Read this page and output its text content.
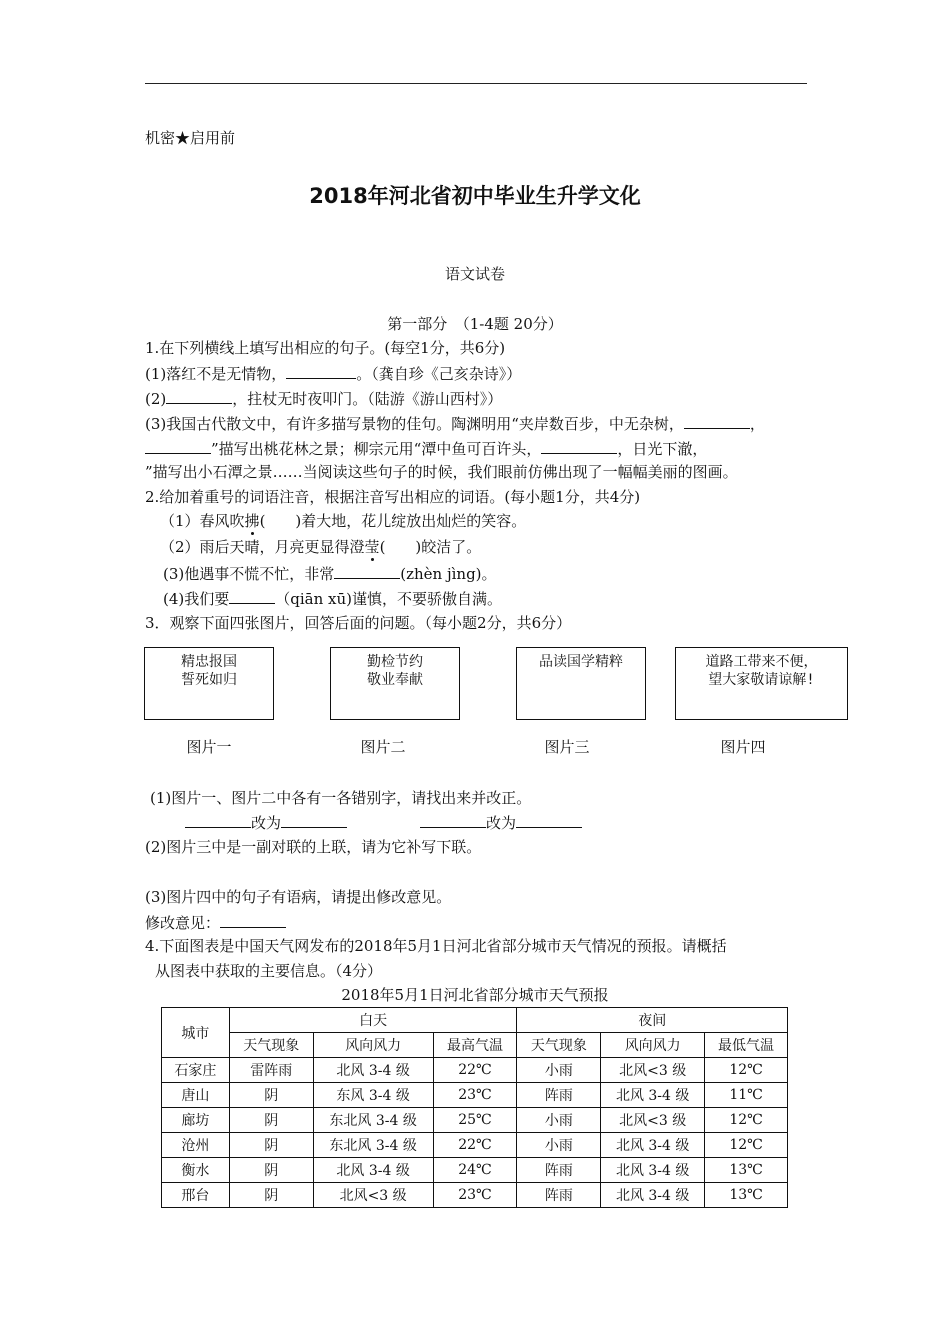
机密★启用前
2018年河北省初中毕业生升学文化
语文试卷
第一部分　（1-4题 20分）
1.在下列横线上填写出相应的句子。(每空1分，共6分)
(1)落红不是无情物，	。（龚自珍《己亥杂诗》）
(2)	，拄杖无时夜叩门。（陆游《游山西村》）
(3)我国古代散文中，有许多描写景物的佳句。陶渊明用“夹岸数百步，中无杂树，	，
”描写出桃花林之景；柳宗元用“潭中鱼可百许头，	，日光下澈，
”描写出小石潭之景……当阅读这些句子的时候，我们眼前仿佛出现了一幅幅美丽的图画。
2.给加着重号的词语注音，根据注音写出相应的词语。(每小题1分，共4分)
（1）春风吹拂(　　)着大地，花儿绽放出灿烂的笑容。
（2）雨后天晴，月亮更显得澄莹(　　)皎洁了。
(3)他遇事不慌不忙，非常	(zhèn jìng)。
(4)我们要	（qiān xū)谨慎，不要骄傲自满。
3．观察下面四张图片，回答后面的问题。（每小题2分，共6分）
精忠报国
誓死如归
勤检节约
敬业奉献
品读国学精粹	道路工带来不便，
望大家敬请谅解!
图片一	图片二	图片三	图片四
(1)图片一、图片二中各有一各错别字，请找出来并改正。
改为	改为
(2)图片三中是一副对联的上联，请为它补写下联。
(3)图片四中的句子有语病，请提出修改意见。
修改意见：
4.下面图表是中国天气网发布的2018年5月1日河北省部分城市天气情况的预报。请概括
从图表中获取的主要信息。（4分）
2018年5月1日河北省部分城市天气预报
城市	白天			夜间		
	天气现象	风向风力	最高气温	天气现象	风向风力	最低气温
石家庄	雷阵雨	北风 3-4 级	22℃	小雨	北风<3 级	12℃
唐山	阴	东风 3-4 级	23℃	阵雨	北风 3-4 级	11℃
廊坊	阴	东北风 3-4 级	25℃	小雨	北风<3 级	12℃
沧州	阴	东北风 3-4 级	22℃	小雨	北风 3-4 级	12℃
衡水	阴	北风 3-4 级	24℃	阵雨	北风 3-4 级	13℃
邢台	阴	北风<3 级	23℃	阵雨	北风 3-4 级	13℃
